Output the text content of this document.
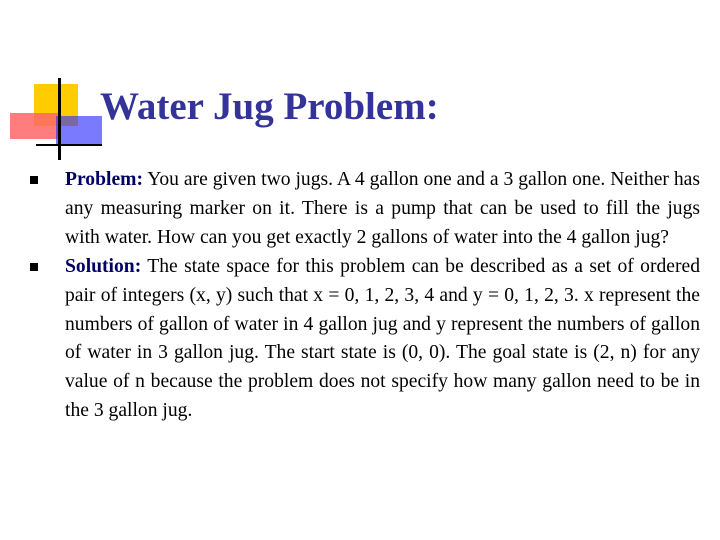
Water Jug Problem:
Problem: You are given two jugs. A 4 gallon one and a 3 gallon one. Neither has any measuring marker on it. There is a pump that can be used to fill the jugs with water. How can you get exactly 2 gallons of water into the 4 gallon jug?
Solution: The state space for this problem can be described as a set of ordered pair of integers (x, y) such that x = 0, 1, 2, 3, 4 and y = 0, 1, 2, 3. x represent the numbers of gallon of water in 4 gallon jug and y represent the numbers of gallon of water in 3 gallon jug. The start state is (0, 0). The goal state is (2, n) for any value of n because the problem does not specify how many gallon need to be in the 3 gallon jug.
